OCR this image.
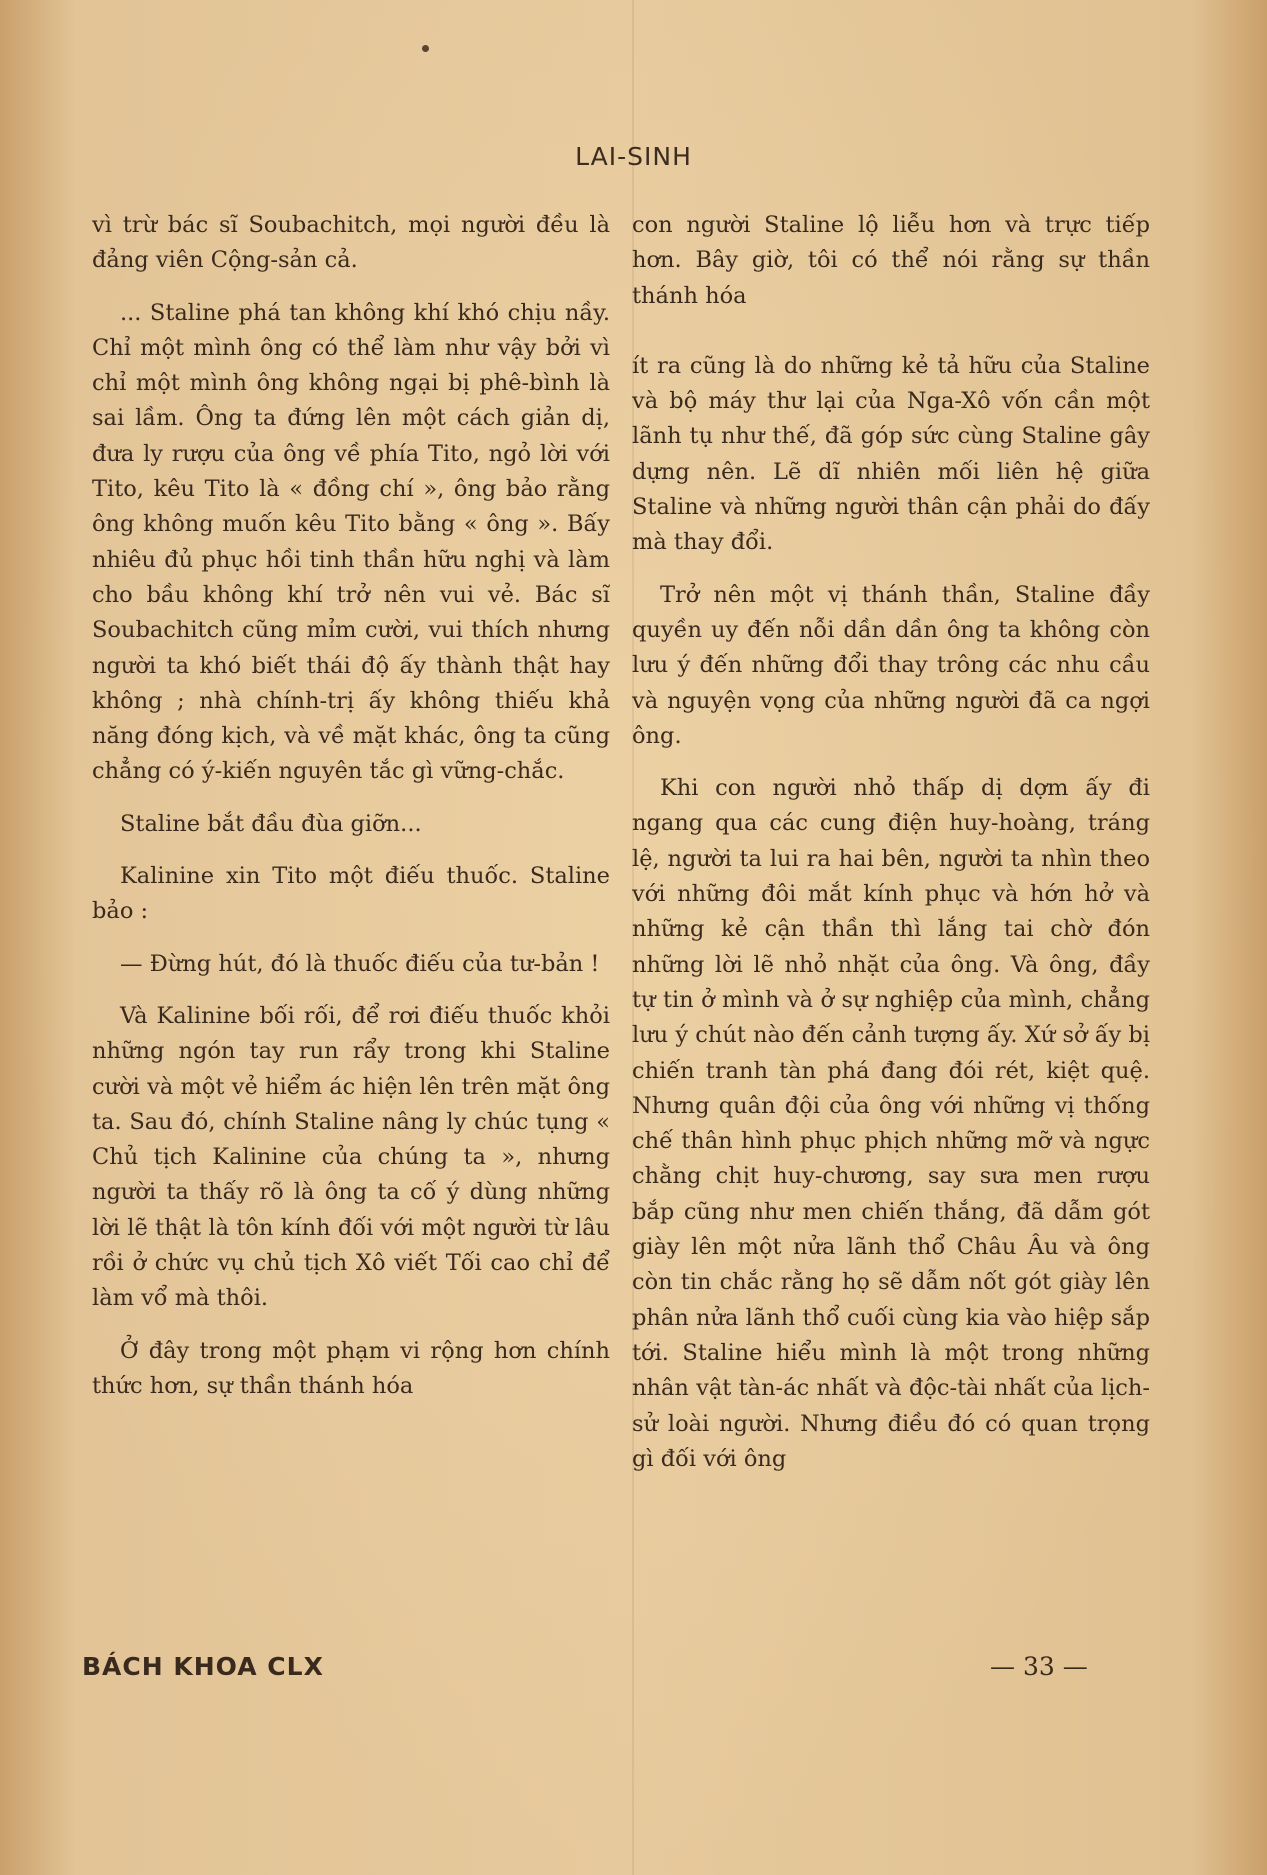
LAI-SINH

vì trừ bác sĩ Soubachitch, mọi người đều là đảng viên Cộng-sản cả.

... Staline phá tan không khí khó chịu nầy. Chỉ một mình ông có thể làm như vậy bởi vì chỉ một mình ông không ngại bị phê-bình là sai lầm. Ông ta đứng lên một cách giản dị, đưa ly rượu của ông về phía Tito, ngỏ lời với Tito, kêu Tito là « đồng chí », ông bảo rằng ông không muốn kêu Tito bằng « ông ». Bấy nhiêu đủ phục hồi tinh thần hữu nghị và làm cho bầu không khí trở nên vui vẻ. Bác sĩ Soubachitch cũng mỉm cười, vui thích nhưng người ta khó biết thái độ ấy thành thật hay không ; nhà chính-trị ấy không thiếu khả năng đóng kịch, và về mặt khác, ông ta cũng chẳng có ý-kiến nguyên tắc gì vững-chắc.

Staline bắt đầu đùa giỡn...

Kalinine xin Tito một điếu thuốc. Staline bảo :

— Đừng hút, đó là thuốc điếu của tư-bản !

Và Kalinine bối rối, để rơi điếu thuốc khỏi những ngón tay run rẩy trong khi Staline cười và một vẻ hiểm ác hiện lên trên mặt ông ta. Sau đó, chính Staline nâng ly chúc tụng « Chủ tịch Kalinine của chúng ta », nhưng người ta thấy rõ là ông ta cố ý dùng những lời lẽ thật là tôn kính đối với một người từ lâu rồi ở chức vụ chủ tịch Xô viết Tối cao chỉ để làm vổ mà thôi.

Ở đây trong một phạm vi rộng hơn chính thức hơn, sự thần thánh hóa

con người Staline lộ liễu hơn và trực tiếp hơn. Bây giờ, tôi có thể nói rằng sự thần thánh hóa

ít ra cũng là do những kẻ tả hữu của Staline và bộ máy thư lại của Nga-Xô vốn cần một lãnh tụ như thế, đã góp sức cùng Staline gây dựng nên. Lẽ dĩ nhiên mối liên hệ giữa Staline và những người thân cận phải do đấy mà thay đổi.

Trở nên một vị thánh thần, Staline đầy quyền uy đến nỗi dần dần ông ta không còn lưu ý đến những đổi thay trông các nhu cầu và nguyện vọng của những người đã ca ngợi ông.

Khi con người nhỏ thấp dị dợm ấy đi ngang qua các cung điện huy-hoàng, tráng lệ, người ta lui ra hai bên, người ta nhìn theo với những đôi mắt kính phục và hớn hở và những kẻ cận thần thì lắng tai chờ đón những lời lẽ nhỏ nhặt của ông. Và ông, đầy tự tin ở mình và ở sự nghiệp của mình, chẳng lưu ý chút nào đến cảnh tượng ấy. Xứ sở ấy bị chiến tranh tàn phá đang đói rét, kiệt quệ. Nhưng quân đội của ông với những vị thống chế thân hình phục phịch những mỡ và ngực chằng chịt huy-chương, say sưa men rượu bắp cũng như men chiến thắng, đã dẫm gót giày lên một nửa lãnh thổ Châu Âu và ông còn tin chắc rằng họ sẽ dẫm nốt gót giày lên phân nửa lãnh thổ cuối cùng kia vào hiệp sắp tới. Staline hiểu mình là một trong những nhân vật tàn-ác nhất và độc-tài nhất của lịch-sử loài người. Nhưng điều đó có quan trọng gì đối với ông

BÁCH KHOA CLX	— 33 —
